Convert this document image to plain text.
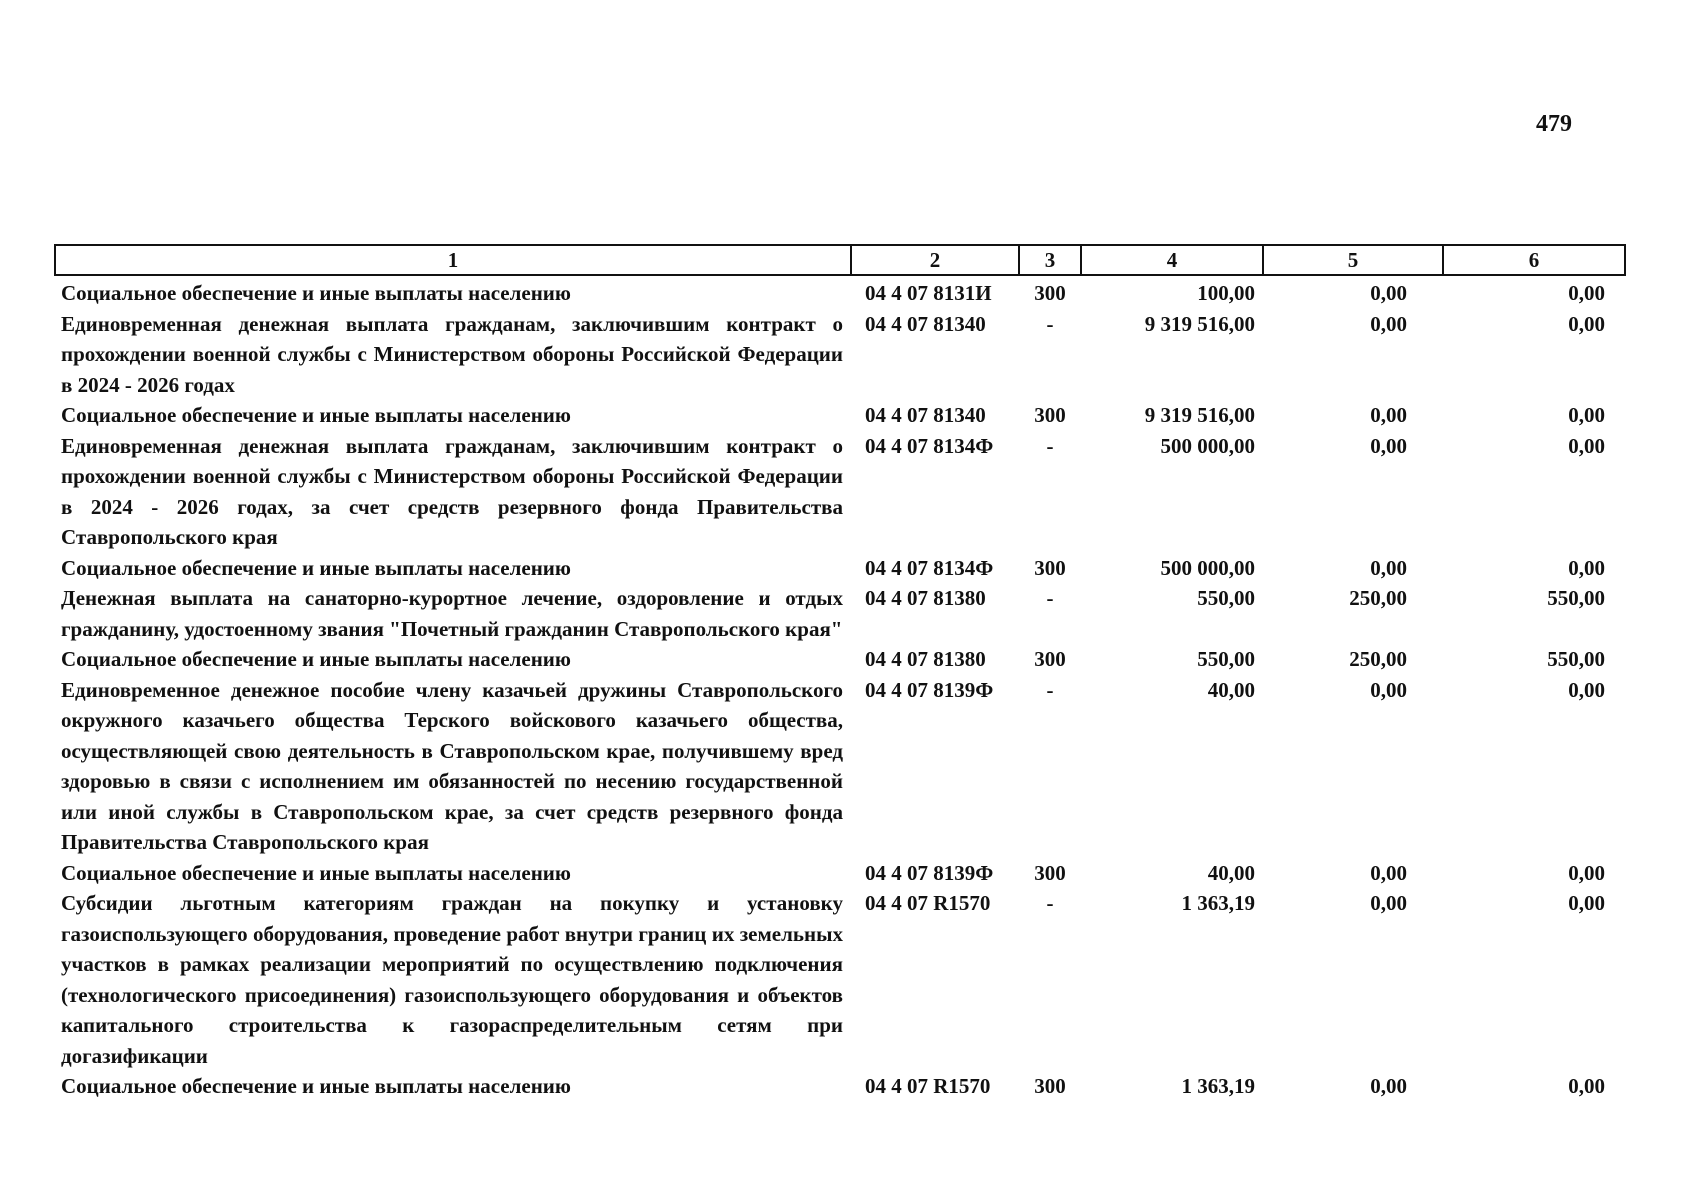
479
1	2	3	4	5	6
Социальное обеспечение и иные выплаты населению	04 4 07 8131И	300	100,00	0,00	0,00
Единовременная денежная выплата гражданам, заключившим контракт о прохождении военной службы с Министерством обороны Российской Федерации в 2024 - 2026 годах	04 4 07 81340	-	9 319 516,00	0,00	0,00
Социальное обеспечение и иные выплаты населению	04 4 07 81340	300	9 319 516,00	0,00	0,00
Единовременная денежная выплата гражданам, заключившим контракт о прохождении военной службы с Министерством обороны Российской Федерации в 2024 - 2026 годах, за счет средств резервного фонда Правительства Ставропольского края	04 4 07 8134Ф	-	500 000,00	0,00	0,00
Социальное обеспечение и иные выплаты населению	04 4 07 8134Ф	300	500 000,00	0,00	0,00
Денежная выплата на санаторно-курортное лечение, оздоровление и отдых гражданину, удостоенному звания "Почетный гражданин Ставропольского края"	04 4 07 81380	-	550,00	250,00	550,00
Социальное обеспечение и иные выплаты населению	04 4 07 81380	300	550,00	250,00	550,00
Единовременное денежное пособие члену казачьей дружины Ставропольского окружного казачьего общества Терского войскового казачьего общества, осуществляющей свою деятельность в Ставропольском крае, получившему вред здоровью в связи с исполнением им обязанностей по несению государственной или иной службы в Ставропольском крае, за счет средств резервного фонда Правительства Ставропольского края	04 4 07 8139Ф	-	40,00	0,00	0,00
Социальное обеспечение и иные выплаты населению	04 4 07 8139Ф	300	40,00	0,00	0,00
Субсидии льготным категориям граждан на покупку и установку газоиспользующего оборудования, проведение работ внутри границ их земельных участков в рамках реализации мероприятий по осуществлению подключения (технологического присоединения) газоиспользующего оборудования и объектов капитального строительства к газораспределительным сетям при догазификации	04 4 07 R1570	-	1 363,19	0,00	0,00
Социальное обеспечение и иные выплаты населению	04 4 07 R1570	300	1 363,19	0,00	0,00
